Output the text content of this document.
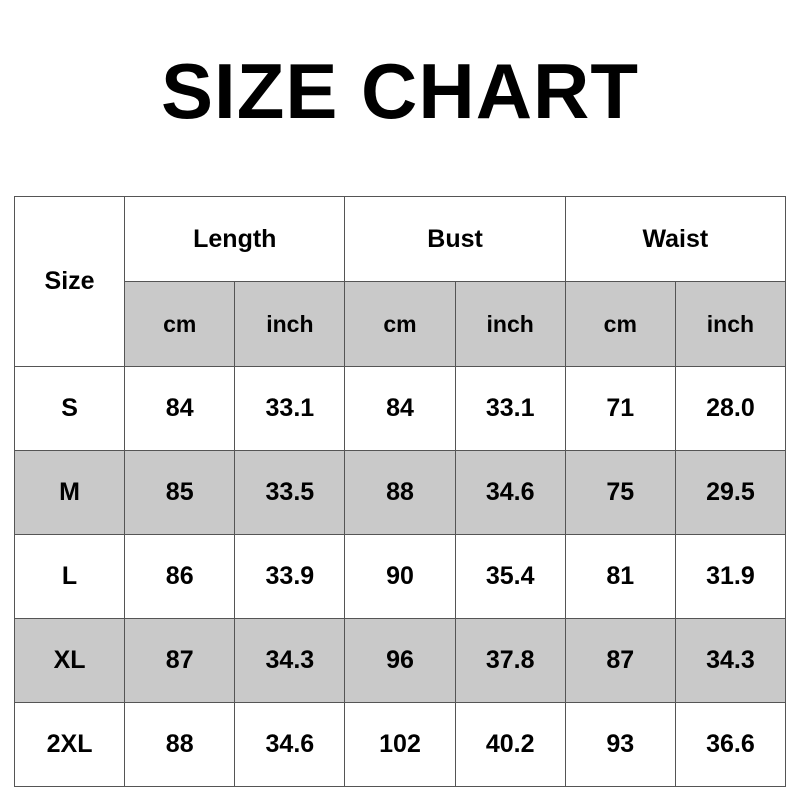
SIZE CHART
Size	Length		Bust		Waist	
	cm	inch	cm	inch	cm	inch
S	84	33.1	84	33.1	71	28.0
M	85	33.5	88	34.6	75	29.5
L	86	33.9	90	35.4	81	31.9
XL	87	34.3	96	37.8	87	34.3
2XL	88	34.6	102	40.2	93	36.6
